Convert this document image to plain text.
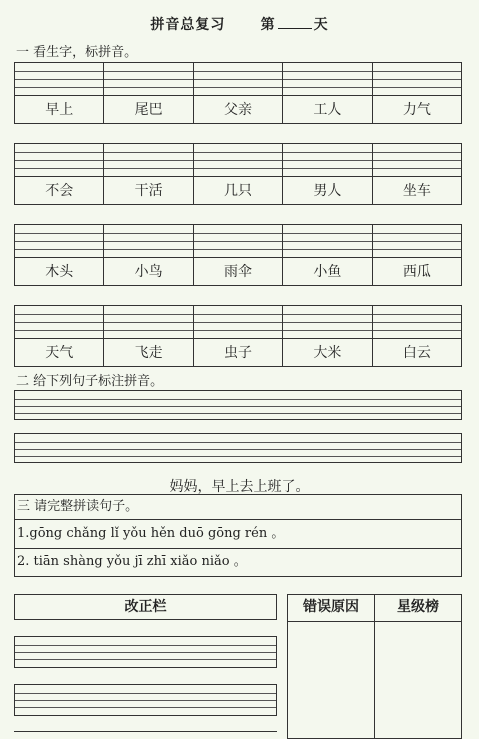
拼音总复习	第	天
一 看生字，标拼音。
早上	尾巴	父亲	工人	力气
不会	干活	几只	男人	坐车
木头	小鸟	雨伞	小鱼	西瓜
天气	飞走	虫子	大米	白云
二 给下列句子标注拼音。
妈妈，早上去上班了。
三 请完整拼读句子。
1.gōng chǎng lǐ yǒu hěn duō gōng rén 。
2. tiān shàng yǒu jī zhī xiǎo niǎo 。
改正栏	错误原因	星级榜
